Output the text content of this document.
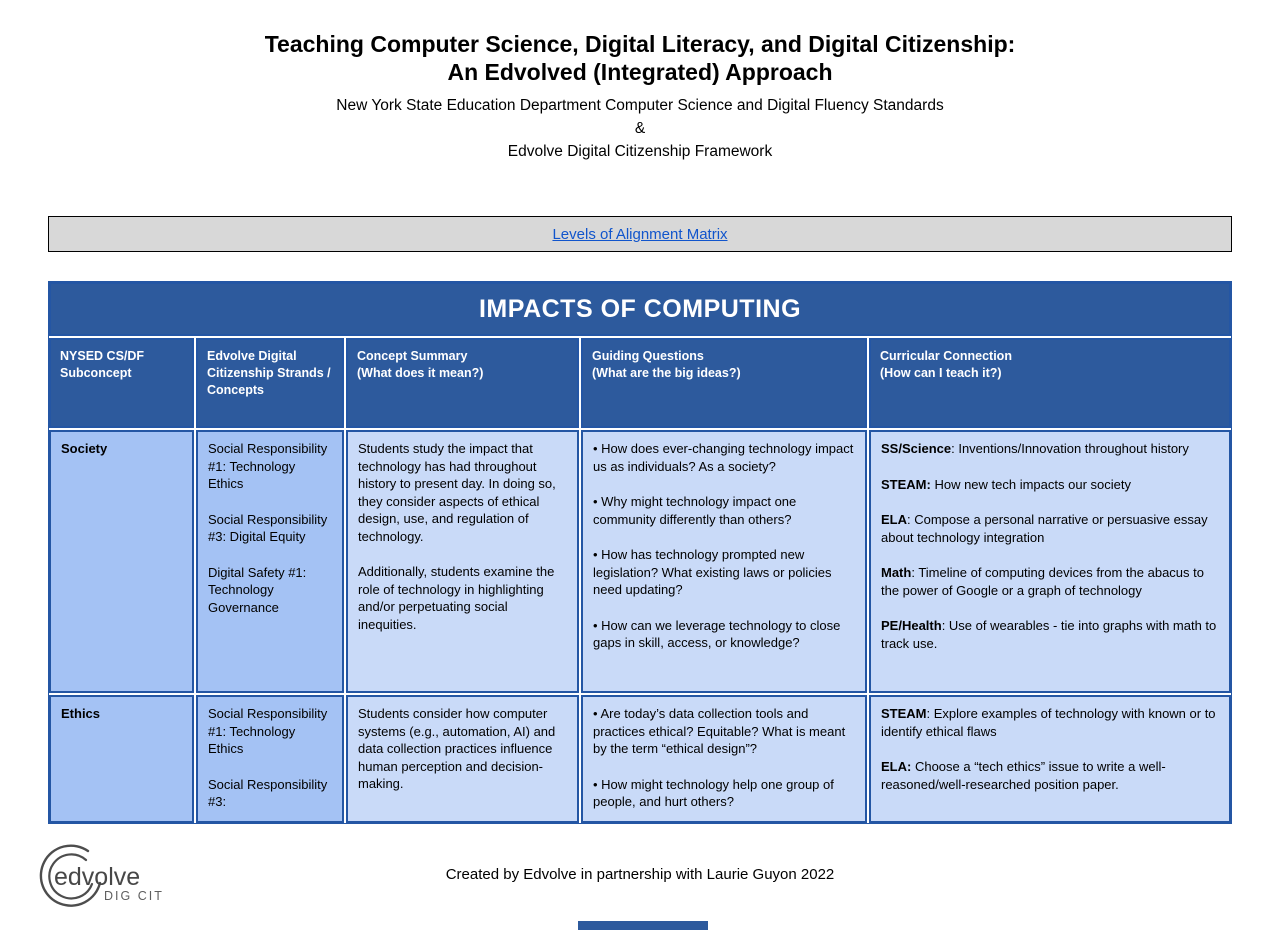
Teaching Computer Science, Digital Literacy, and Digital Citizenship:

An Edvolved (Integrated) Approach

New York State Education Department Computer Science and Digital Fluency Standards

&

Edvolve Digital Citizenship Framework

Levels of Alignment Matrix
IMPACTS OF COMPUTING
NYSED CS/DF Subconcept
Edvolve Digital Citizenship Strands / Concepts
Concept Summary
(What does it mean?)
Guiding Questions
(What are the big ideas?)
Curricular Connection
(How can I teach it?)
Society	Social Responsibility #1: Technology Ethics

Social Responsibility #3: Digital Equity

Digital Safety #1: Technology Governance

Students study the impact that technology has had throughout history to present day. In doing so, they consider aspects of ethical design, use, and regulation of technology.

Additionally, students examine the role of technology in highlighting and/or perpetuating social inequities.

• How does ever-changing technology impact us as individuals? As a society?

• Why might technology impact one community differently than others?

• How has technology prompted new legislation? What existing laws or policies need updating?

• How can we leverage technology to close gaps in skill, access, or knowledge?

SS/Science: Inventions/Innovation throughout history

STEAM: How new tech impacts our society

ELA: Compose a personal narrative or persuasive essay about technology integration

Math: Timeline of computing devices from the abacus to the power of Google or a graph of technology

PE/Health: Use of wearables - tie into graphs with math to track use.

Ethics	Social Responsibility #1: Technology Ethics

Social Responsibility #3:

Students consider how computer systems (e.g., automation, AI) and data collection practices influence human perception and decision-making.

• Are today’s data collection tools and practices ethical? Equitable? What is meant by the term “ethical design”?

• How might technology help one group of people, and hurt others?

STEAM: Explore examples of technology with known or to identify ethical flaws

ELA: Choose a “tech ethics” issue to write a well-reasoned/well-researched position paper.

edvolve
DIG CIT
Created by Edvolve in partnership with Laurie Guyon 2022
